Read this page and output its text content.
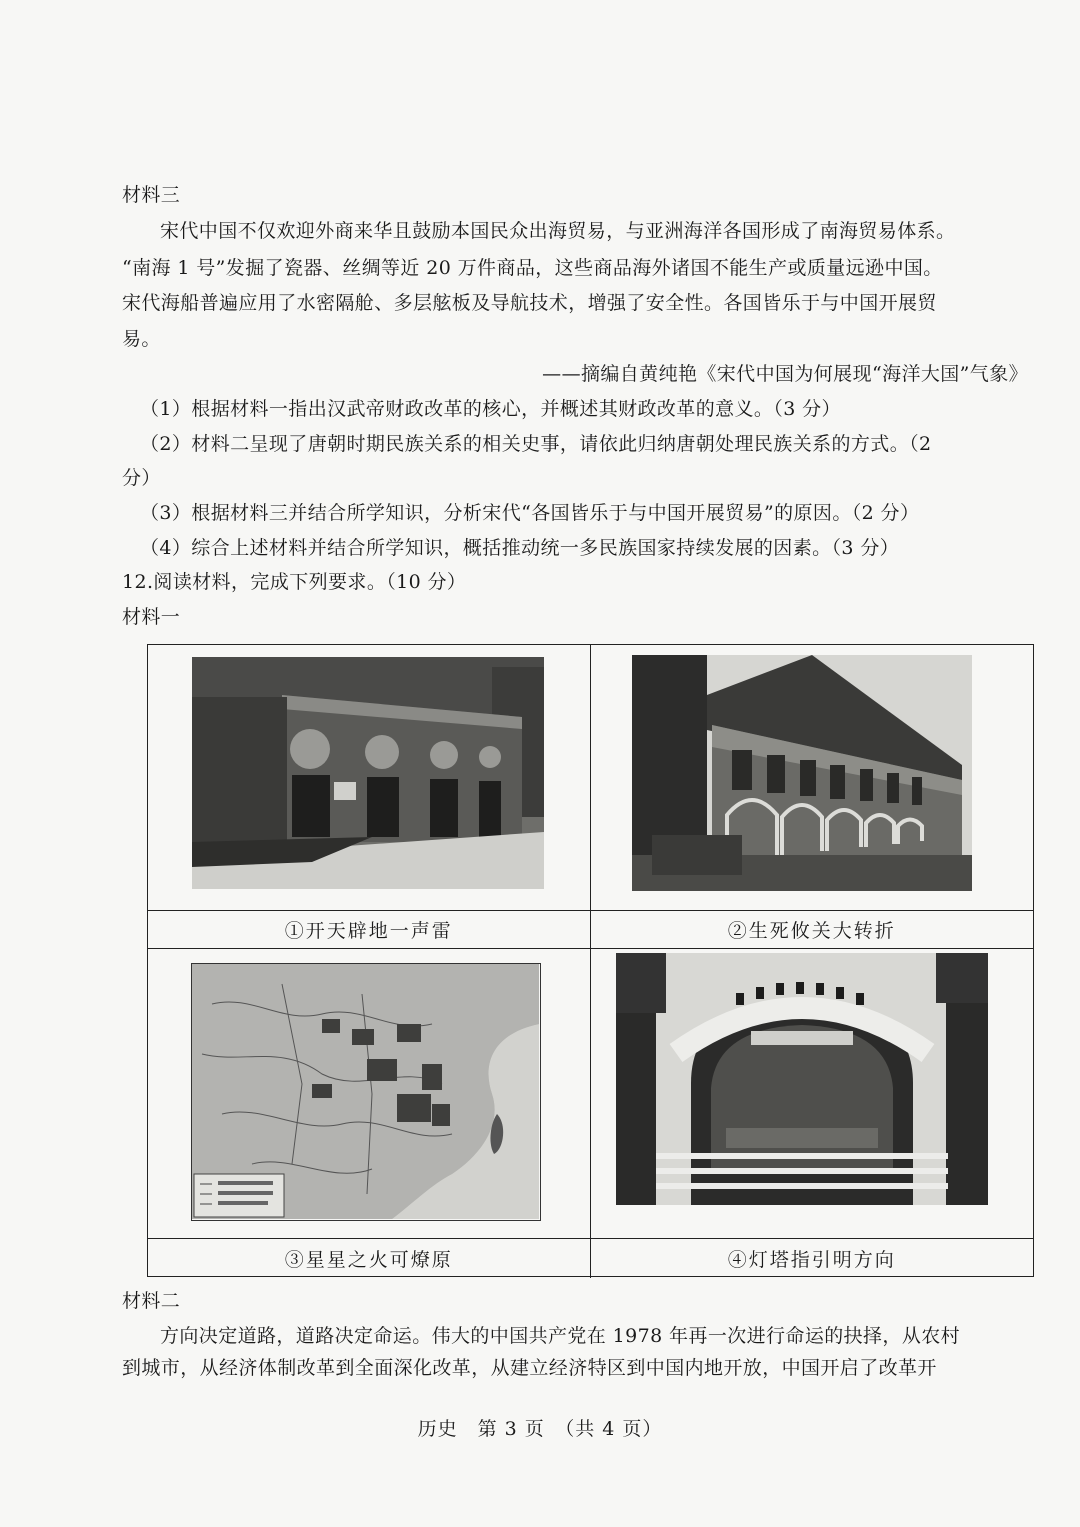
材料三
宋代中国不仅欢迎外商来华且鼓励本国民众出海贸易，与亚洲海洋各国形成了南海贸易体系。
“南海 1 号”发掘了瓷器、丝绸等近 20 万件商品，这些商品海外诸国不能生产或质量远逊中国。
宋代海船普遍应用了水密隔舱、多层舷板及导航技术，增强了安全性。各国皆乐于与中国开展贸
易。
——摘编自黄纯艳《宋代中国为何展现“海洋大国”气象》
（1）根据材料一指出汉武帝财政改革的核心，并概述其财政改革的意义。（3 分）
（2）材料二呈现了唐朝时期民族关系的相关史事，请依此归纳唐朝处理民族关系的方式。（2
分）
（3）根据材料三并结合所学知识，分析宋代“各国皆乐于与中国开展贸易”的原因。（2 分）
（4）综合上述材料并结合所学知识，概括推动统一多民族国家持续发展的因素。（3 分）
12.阅读材料，完成下列要求。（10 分）
材料一
①开天辟地一声雷	②生死攸关大转折
③星星之火可燎原	④灯塔指引明方向
材料二
方向决定道路，道路决定命运。伟大的中国共产党在 1978 年再一次进行命运的抉择，从农村
到城市，从经济体制改革到全面深化改革，从建立经济特区到中国内地开放，中国开启了改革开
历史　第 3 页　（共 4 页）
